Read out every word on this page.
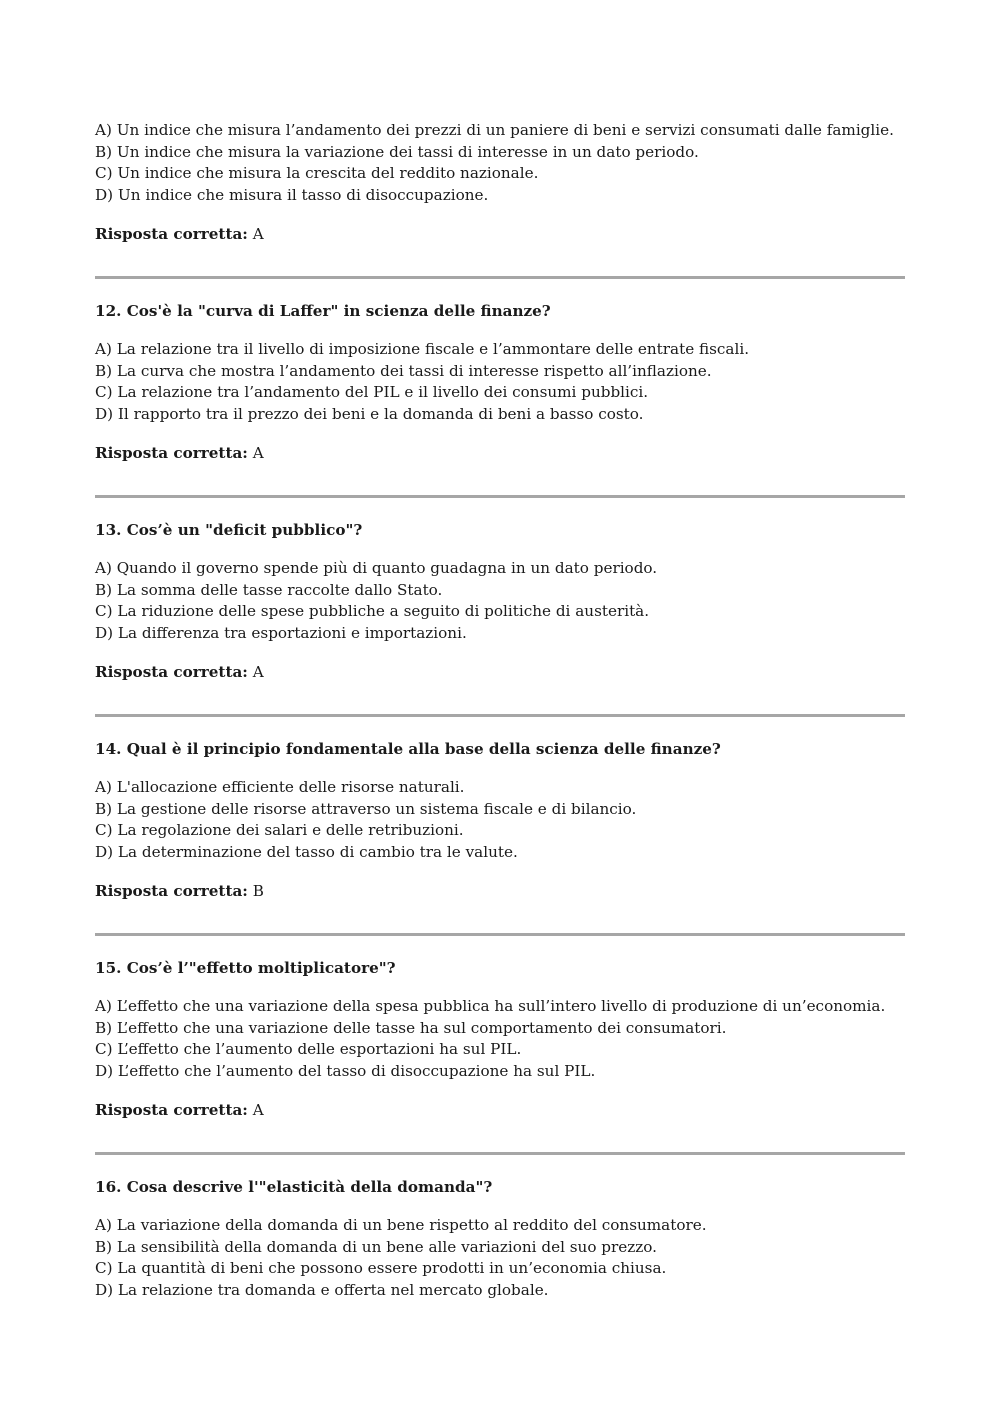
A) Un indice che misura l’andamento dei prezzi di un paniere di beni e servizi consumati dalle famiglie.
B) Un indice che misura la variazione dei tassi di interesse in un dato periodo.
C) Un indice che misura la crescita del reddito nazionale.
D) Un indice che misura il tasso di disoccupazione.
Risposta corretta: A
12. Cos'è la "curva di Laffer" in scienza delle finanze?
A) La relazione tra il livello di imposizione fiscale e l’ammontare delle entrate fiscali.
B) La curva che mostra l’andamento dei tassi di interesse rispetto all’inflazione.
C) La relazione tra l’andamento del PIL e il livello dei consumi pubblici.
D) Il rapporto tra il prezzo dei beni e la domanda di beni a basso costo.
Risposta corretta: A
13. Cos’è un "deficit pubblico"?
A) Quando il governo spende più di quanto guadagna in un dato periodo.
B) La somma delle tasse raccolte dallo Stato.
C) La riduzione delle spese pubbliche a seguito di politiche di austerità.
D) La differenza tra esportazioni e importazioni.
Risposta corretta: A
14. Qual è il principio fondamentale alla base della scienza delle finanze?
A) L'allocazione efficiente delle risorse naturali.
B) La gestione delle risorse attraverso un sistema fiscale e di bilancio.
C) La regolazione dei salari e delle retribuzioni.
D) La determinazione del tasso di cambio tra le valute.
Risposta corretta: B
15. Cos’è l’"effetto moltiplicatore"?
A) L’effetto che una variazione della spesa pubblica ha sull’intero livello di produzione di un’economia.
B) L’effetto che una variazione delle tasse ha sul comportamento dei consumatori.
C) L’effetto che l’aumento delle esportazioni ha sul PIL.
D) L’effetto che l’aumento del tasso di disoccupazione ha sul PIL.
Risposta corretta: A
16. Cosa descrive l'"elasticità della domanda"?
A) La variazione della domanda di un bene rispetto al reddito del consumatore.
B) La sensibilità della domanda di un bene alle variazioni del suo prezzo.
C) La quantità di beni che possono essere prodotti in un’economia chiusa.
D) La relazione tra domanda e offerta nel mercato globale.
